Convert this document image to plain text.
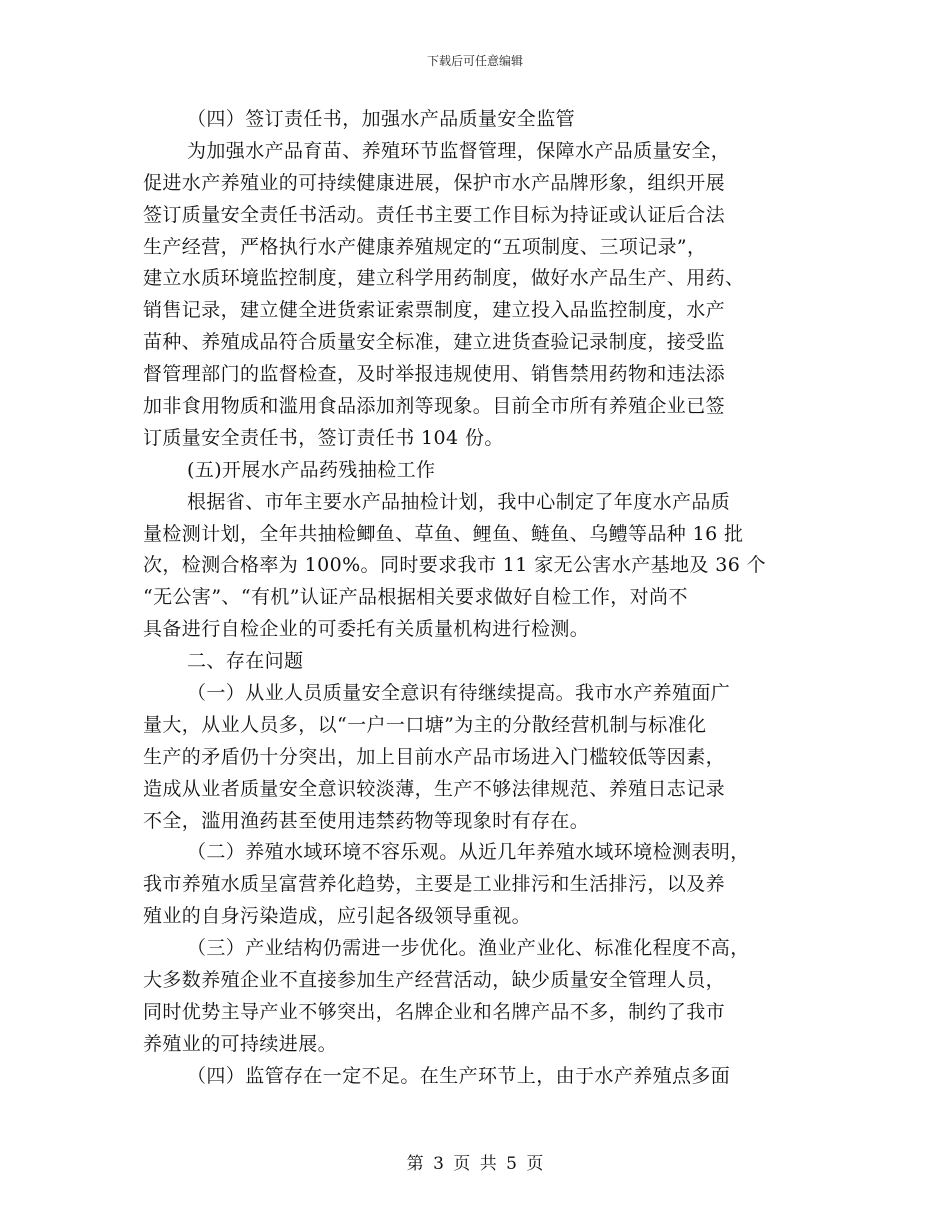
下载后可任意编辑
（四）签订责任书，加强水产品质量安全监管
为加强水产品育苗、养殖环节监督管理，保障水产品质量安全，
促进水产养殖业的可持续健康进展，保护市水产品牌形象，组织开展
签订质量安全责任书活动。责任书主要工作目标为持证或认证后合法
生产经营，严格执行水产健康养殖规定的“五项制度、三项记录”，
建立水质环境监控制度，建立科学用药制度，做好水产品生产、用药、
销售记录，建立健全进货索证索票制度，建立投入品监控制度，水产
苗种、养殖成品符合质量安全标准，建立进货查验记录制度，接受监
督管理部门的监督检查，及时举报违规使用、销售禁用药物和违法添
加非食用物质和滥用食品添加剂等现象。目前全市所有养殖企业已签
订质量安全责任书，签订责任书 104 份。
(五)开展水产品药残抽检工作
根据省、市年主要水产品抽检计划，我中心制定了年度水产品质
量检测计划，全年共抽检鲫鱼、草鱼、鲤鱼、鲢鱼、乌鳢等品种 16 批
次，检测合格率为 100%。同时要求我市 11 家无公害水产基地及 36 个
“无公害”、“有机”认证产品根据相关要求做好自检工作，对尚不
具备进行自检企业的可委托有关质量机构进行检测。
二、存在问题
（一）从业人员质量安全意识有待继续提高。我市水产养殖面广
量大，从业人员多，以“一户一口塘”为主的分散经营机制与标准化
生产的矛盾仍十分突出，加上目前水产品市场进入门槛较低等因素，
造成从业者质量安全意识较淡薄，生产不够法律规范、养殖日志记录
不全，滥用渔药甚至使用违禁药物等现象时有存在。
（二）养殖水域环境不容乐观。从近几年养殖水域环境检测表明，
我市养殖水质呈富营养化趋势，主要是工业排污和生活排污，以及养
殖业的自身污染造成，应引起各级领导重视。
（三）产业结构仍需进一步优化。渔业产业化、标准化程度不高，
大多数养殖企业不直接参加生产经营活动，缺少质量安全管理人员，
同时优势主导产业不够突出，名牌企业和名牌产品不多，制约了我市
养殖业的可持续进展。
（四）监管存在一定不足。在生产环节上，由于水产养殖点多面
第 3 页 共 5 页
